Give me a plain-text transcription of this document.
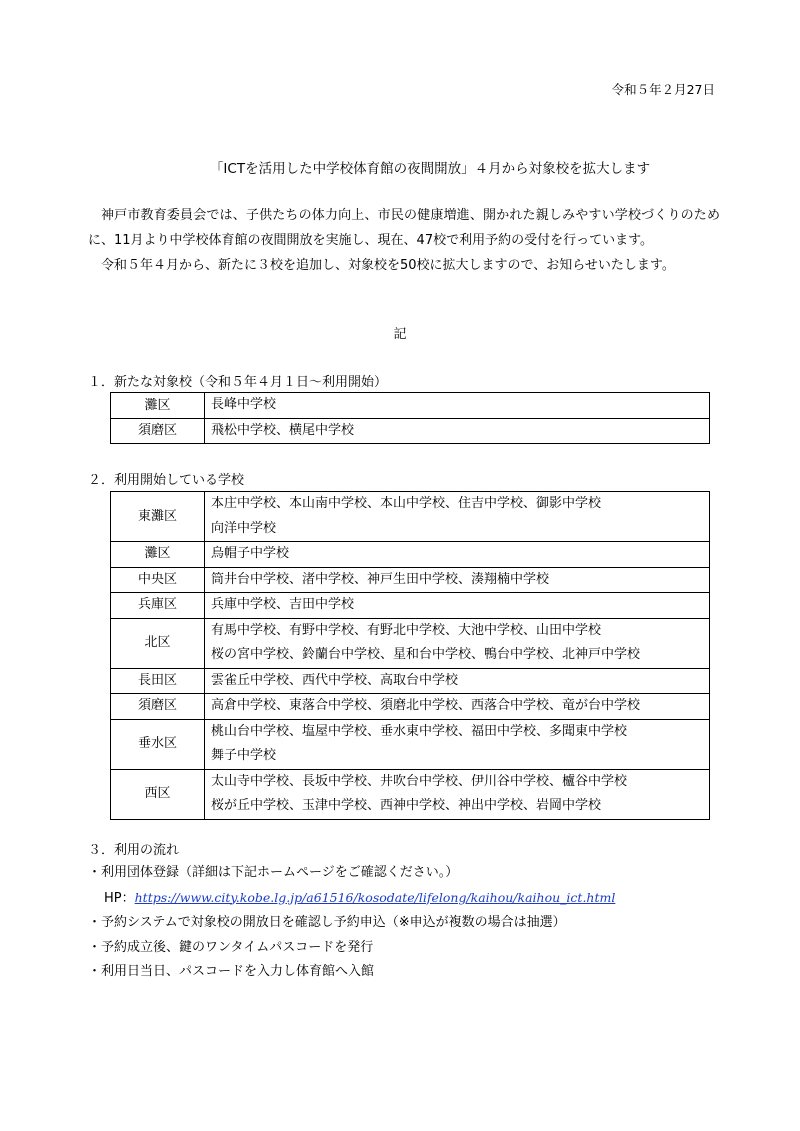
令和５年２月27日
「ICTを活用した中学校体育館の夜間開放」４月から対象校を拡大します

神戸市教育委員会では、子供たちの体力向上、市民の健康増進、開かれた親しみやすい学校づくりのために、11月より中学校体育館の夜間開放を実施し、現在、47校で利用予約の受付を行っています。

令和５年４月から、新たに３校を追加し、対象校を50校に拡大しますので、お知らせいたします。

記
１．新たな対象校（令和５年４月１日～利用開始）
灘区	長峰中学校

須磨区	飛松中学校、横尾中学校
２．利用開始している学校
東灘区	本庄中学校、本山南中学校、本山中学校、住吉中学校、御影中学校
向洋中学校

灘区	烏帽子中学校

中央区	筒井台中学校、渚中学校、神戸生田中学校、湊翔楠中学校

兵庫区	兵庫中学校、吉田中学校

北区	有馬中学校、有野中学校、有野北中学校、大池中学校、山田中学校
桜の宮中学校、鈴蘭台中学校、星和台中学校、鴨台中学校、北神戸中学校

長田区	雲雀丘中学校、西代中学校、高取台中学校

須磨区	高倉中学校、東落合中学校、須磨北中学校、西落合中学校、竜が台中学校

垂水区	桃山台中学校、塩屋中学校、垂水東中学校、福田中学校、多聞東中学校
舞子中学校

西区	太山寺中学校、長坂中学校、井吹台中学校、伊川谷中学校、櫨谷中学校
桜が丘中学校、玉津中学校、西神中学校、神出中学校、岩岡中学校
３．利用の流れ
・利用団体登録（詳細は下記ホームページをご確認ください。）
HP：https://www.city.kobe.lg.jp/a61516/kosodate/lifelong/kaihou/kaihou_ict.html
・予約システムで対象校の開放日を確認し予約申込（※申込が複数の場合は抽選）
・予約成立後、鍵のワンタイムパスコードを発行
・利用日当日、パスコードを入力し体育館へ入館
